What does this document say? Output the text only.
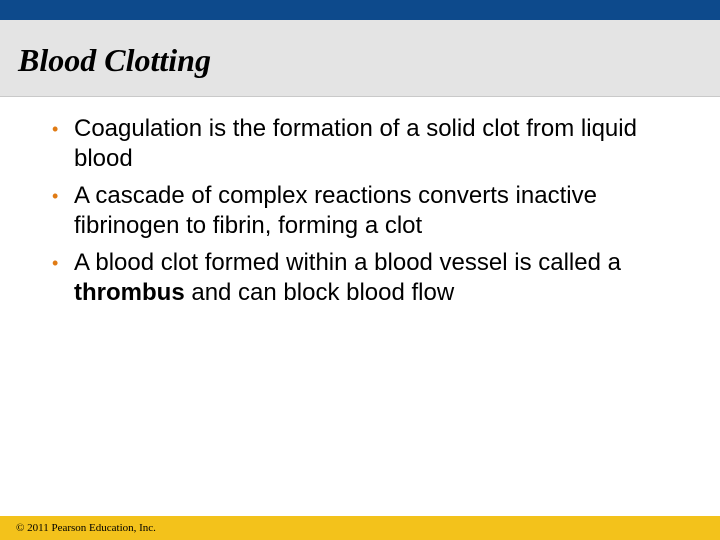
Blood Clotting
• Coagulation is the formation of a solid clot from liquid blood
• A cascade of complex reactions converts inactive fibrinogen to fibrin, forming a clot
• A blood clot formed within a blood vessel is called a thrombus and can block blood flow
© 2011 Pearson Education, Inc.
